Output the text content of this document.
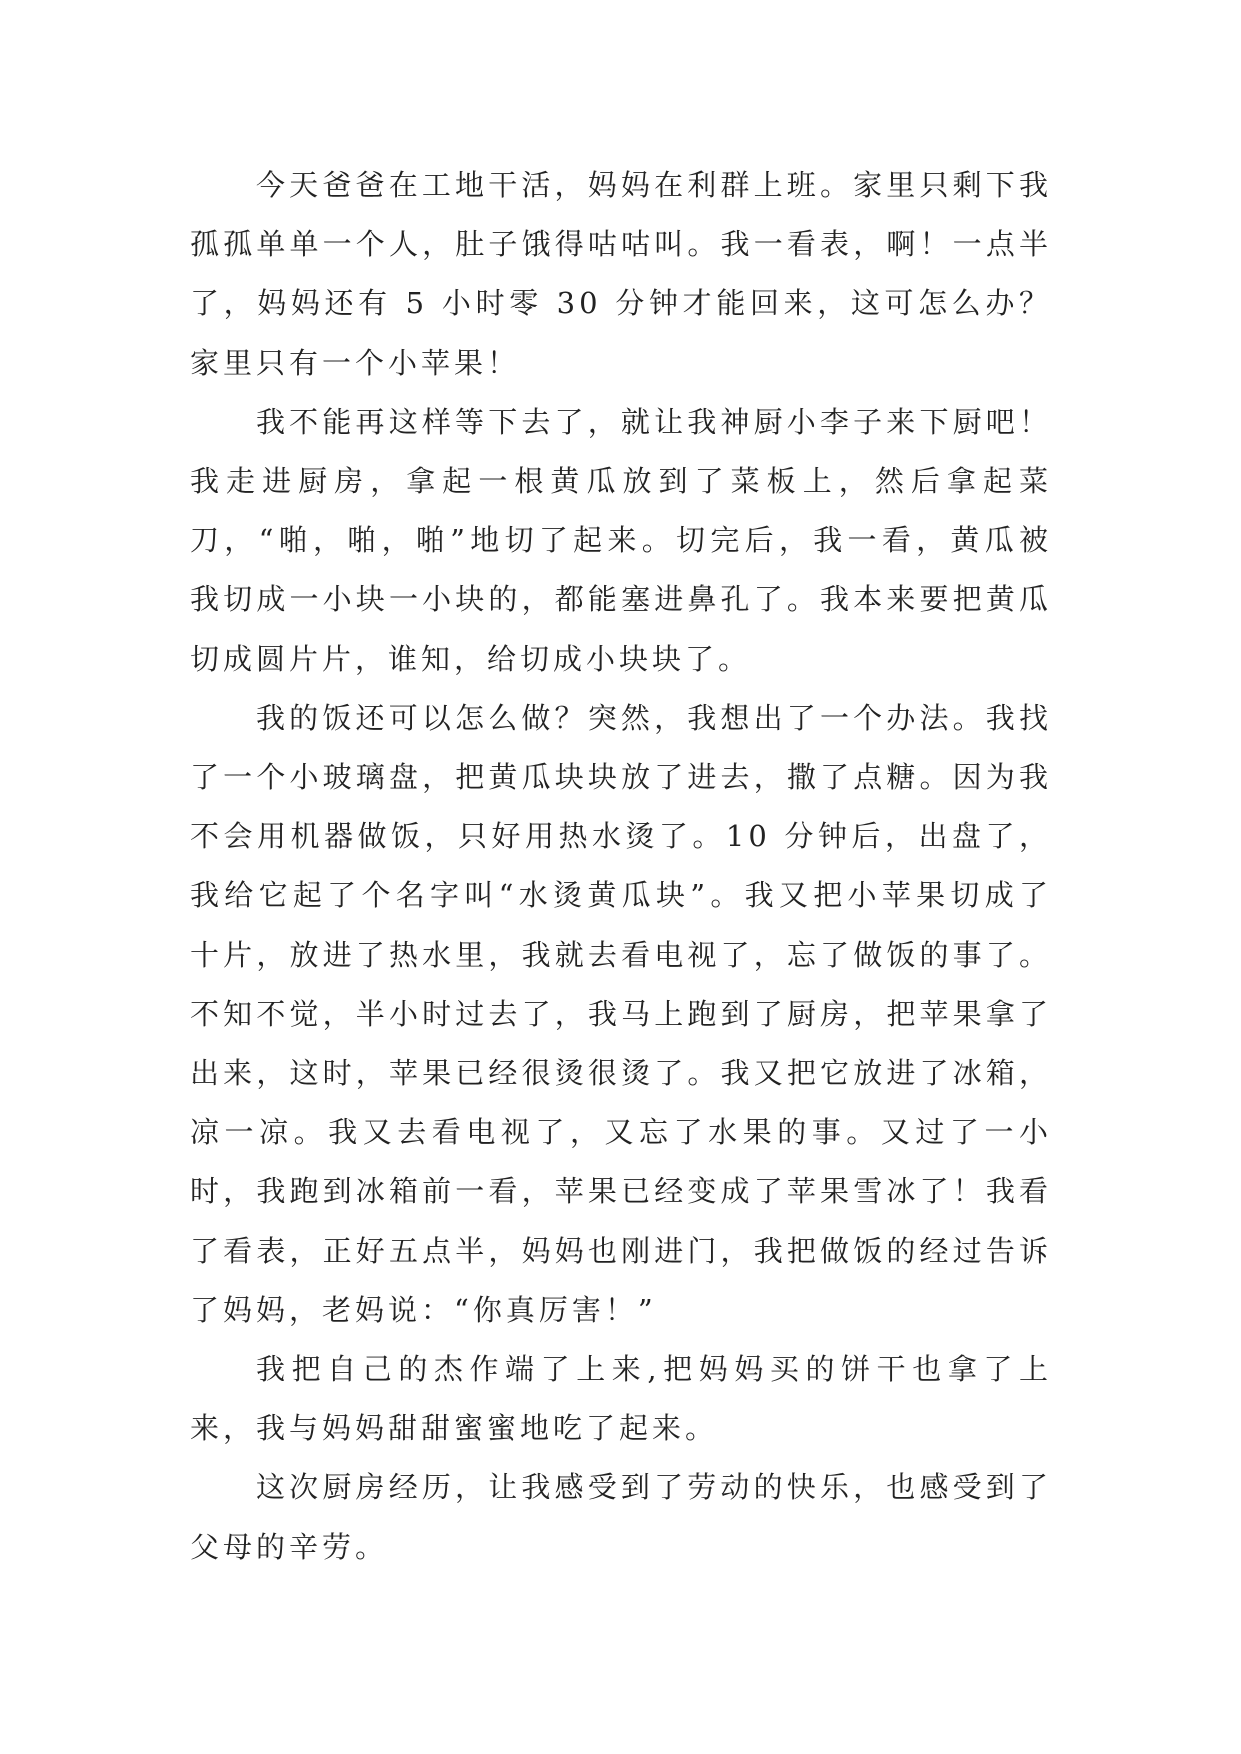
今天爸爸在工地干活，妈妈在利群上班。家里只剩下我孤孤单单一个人，肚子饿得咕咕叫。我一看表，啊！一点半了，妈妈还有 5 小时零 30 分钟才能回来，这可怎么办？家里只有一个小苹果！

我不能再这样等下去了，就让我神厨小李子来下厨吧！我走进厨房，拿起一根黄瓜放到了菜板上，然后拿起菜刀，“啪，啪，啪”地切了起来。切完后，我一看，黄瓜被我切成一小块一小块的，都能塞进鼻孔了。我本来要把黄瓜切成圆片片，谁知，给切成小块块了。

我的饭还可以怎么做？突然，我想出了一个办法。我找了一个小玻璃盘，把黄瓜块块放了进去，撒了点糖。因为我不会用机器做饭，只好用热水烫了。10 分钟后，出盘了，我给它起了个名字叫“水烫黄瓜块”。我又把小苹果切成了十片，放进了热水里，我就去看电视了，忘了做饭的事了。不知不觉，半小时过去了，我马上跑到了厨房，把苹果拿了出来，这时，苹果已经很烫很烫了。我又把它放进了冰箱，凉一凉。我又去看电视了，又忘了水果的事。又过了一小时，我跑到冰箱前一看，苹果已经变成了苹果雪冰了！我看了看表，正好五点半，妈妈也刚进门，我把做饭的经过告诉了妈妈，老妈说：“你真厉害！”

我把自己的杰作端了上来,把妈妈买的饼干也拿了上来，我与妈妈甜甜蜜蜜地吃了起来。

这次厨房经历，让我感受到了劳动的快乐，也感受到了父母的辛劳。
